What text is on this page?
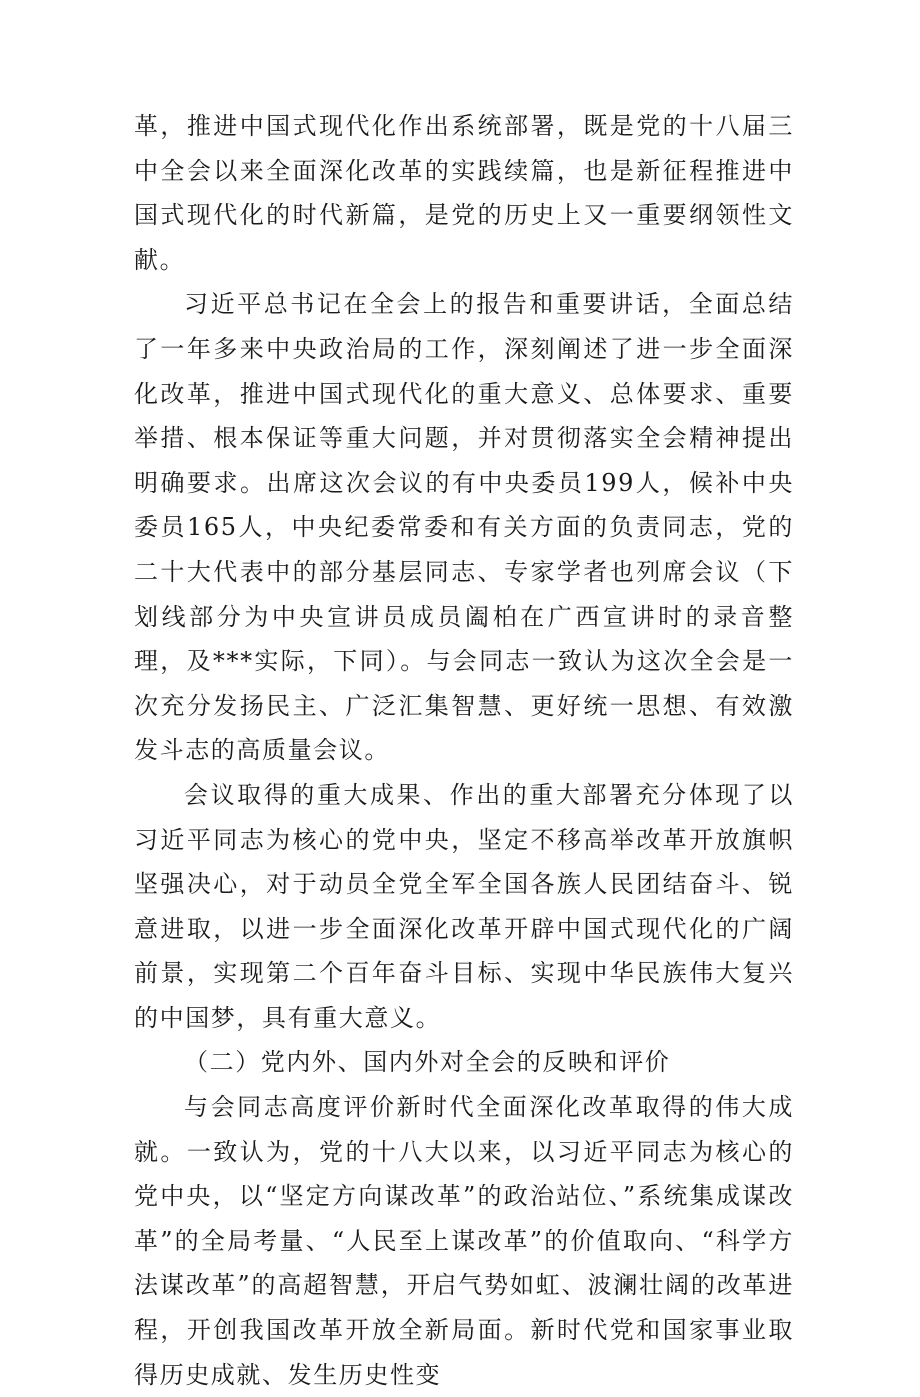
革，推进中国式现代化作出系统部署，既是党的十八届三中全会以来全面深化改革的实践续篇，也是新征程推进中国式现代化的时代新篇，是党的历史上又一重要纲领性文献。

习近平总书记在全会上的报告和重要讲话，全面总结了一年多来中央政治局的工作，深刻阐述了进一步全面深化改革，推进中国式现代化的重大意义、总体要求、重要举措、根本保证等重大问题，并对贯彻落实全会精神提出明确要求。出席这次会议的有中央委员199人，候补中央委员165人，中央纪委常委和有关方面的负责同志，党的二十大代表中的部分基层同志、专家学者也列席会议（下划线部分为中央宣讲员成员阖柏在广西宣讲时的录音整理，及***实际，下同）。与会同志一致认为这次全会是一次充分发扬民主、广泛汇集智慧、更好统一思想、有效激发斗志的高质量会议。

会议取得的重大成果、作出的重大部署充分体现了以习近平同志为核心的党中央，坚定不移高举改革开放旗帜坚强决心，对于动员全党全军全国各族人民团结奋斗、锐意进取，以进一步全面深化改革开辟中国式现代化的广阔前景，实现第二个百年奋斗目标、实现中华民族伟大复兴的中国梦，具有重大意义。

（二）党内外、国内外对全会的反映和评价

与会同志高度评价新时代全面深化改革取得的伟大成就。一致认为，党的十八大以来，以习近平同志为核心的党中央，以“坚定方向谋改革”的政治站位、”系统集成谋改革”的全局考量、“人民至上谋改革”的价值取向、“科学方法谋改革”的高超智慧，开启气势如虹、波澜壮阔的改革进程，开创我国改革开放全新局面。新时代党和国家事业取得历史成就、发生历史性变
